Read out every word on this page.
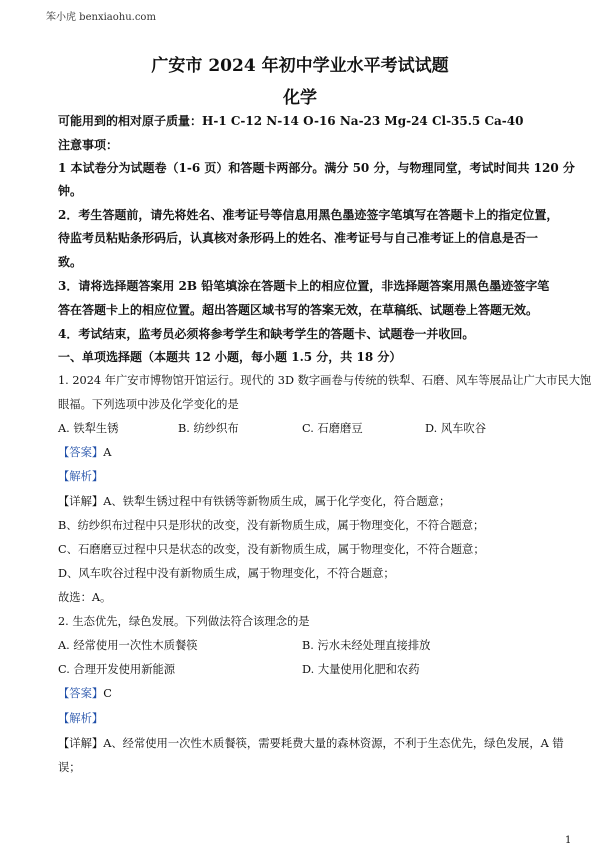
笨小虎 benxiaohu.com
广安市 2024 年初中学业水平考试试题
化学
可能用到的相对原子质量：H-1 C-12 N-14 O-16 Na-23 Mg-24 Cl-35.5 Ca-40
注意事项：
1 本试卷分为试题卷（1-6 页）和答题卡两部分。满分 50 分，与物理同堂，考试时间共 120 分
钟。
2．考生答题前，请先将姓名、准考证号等信息用黑色墨迹签字笔填写在答题卡上的指定位置，
待监考员粘贴条形码后，认真核对条形码上的姓名、准考证号与自己准考证上的信息是否一
致。
3．请将选择题答案用 2B 铅笔填涂在答题卡上的相应位置，非选择题答案用黑色墨迹签字笔
答在答题卡上的相应位置。超出答题区域书写的答案无效，在草稿纸、试题卷上答题无效。
4．考试结束，监考员必须将参考学生和缺考学生的答题卡、试题卷一并收回。
一、单项选择题（本题共 12 小题，每小题 1.5 分，共 18 分）
1. 2024 年广安市博物馆开馆运行。现代的 3D 数字画卷与传统的铁犁、石磨、风车等展品让广大市民大饱
眼福。下列选项中涉及化学变化的是
A. 铁犁生锈	B. 纺纱织布	C. 石磨磨豆	D. 风车吹谷
【答案】A
【解析】
【详解】A、铁犁生锈过程中有铁锈等新物质生成，属于化学变化，符合题意；
B、纺纱织布过程中只是形状的改变，没有新物质生成，属于物理变化，不符合题意；
C、石磨磨豆过程中只是状态的改变，没有新物质生成，属于物理变化，不符合题意；
D、风车吹谷过程中没有新物质生成，属于物理变化，不符合题意；
故选：A。
2. 生态优先，绿色发展。下列做法符合该理念的是
A. 经常使用一次性木质餐筷	B. 污水未经处理直接排放
C. 合理开发使用新能源	D. 大量使用化肥和农药
【答案】C
【解析】
【详解】A、经常使用一次性木质餐筷，需要耗费大量的森林资源，不利于生态优先，绿色发展，A 错
误；
1
